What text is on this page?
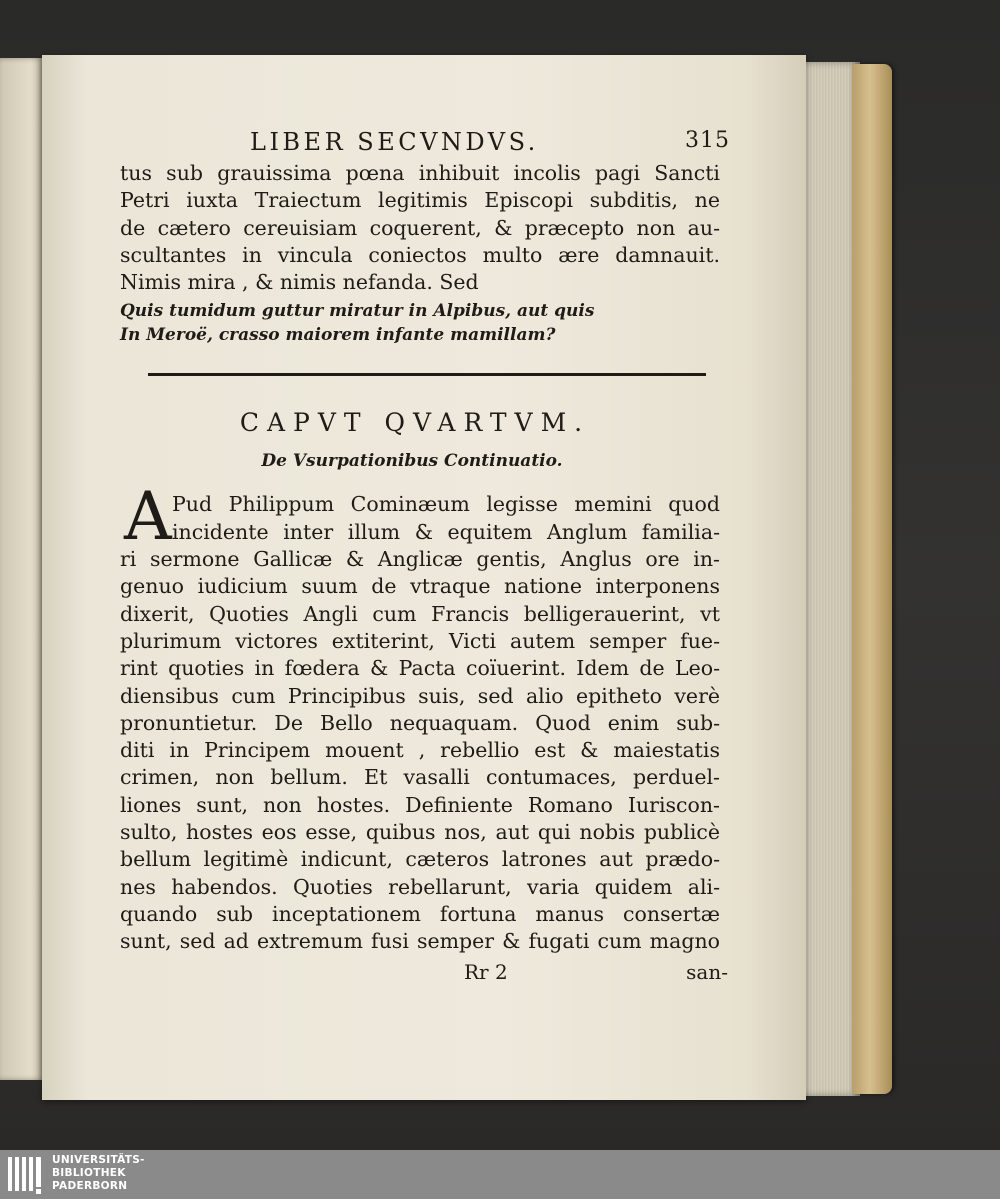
LIBER SECVNDVS.	315
tus sub grauissima pœna inhibuit incolis pagi Sancti
Petri iuxta Traiectum legitimis Episcopi subditis, ne
de cætero cereuisiam coquerent, & præcepto non au-
scultantes in vincula coniectos multo ære damnauit.
Nimis mira , & nimis nefanda. Sed
Quis tumidum guttur miratur in Alpibus, aut quis
In Meroë, crasso maiorem infante mamillam?
CAPVT QVARTVM.
De Vsurpationibus Continuatio.
A Pud Philippum Cominæum legisse memini quod
incidente inter illum & equitem Anglum familia-
ri sermone Gallicæ & Anglicæ gentis, Anglus ore in-
genuo iudicium suum de vtraque natione interponens
dixerit, Quoties Angli cum Francis belligerauerint, vt
plurimum victores extiterint, Victi autem semper fue-
rint quoties in fœdera & Pacta coïuerint. Idem de Leo-
diensibus cum Principibus suis, sed alio epitheto verè
pronuntietur. De Bello nequaquam. Quod enim sub-
diti in Principem mouent , rebellio est & maiestatis
crimen, non bellum. Et vasalli contumaces, perduel-
liones sunt, non hostes. Definiente Romano Iuriscon-
sulto, hostes eos esse, quibus nos, aut qui nobis publicè
bellum legitimè indicunt, cæteros latrones aut prædo-
nes habendos. Quoties rebellarunt, varia quidem ali-
quando sub inceptationem fortuna manus consertæ
sunt, sed ad extremum fusi semper & fugati cum magno
Rr 2	san-
UNIVERSITÄTS-
BIBLIOTHEK
PADERBORN
